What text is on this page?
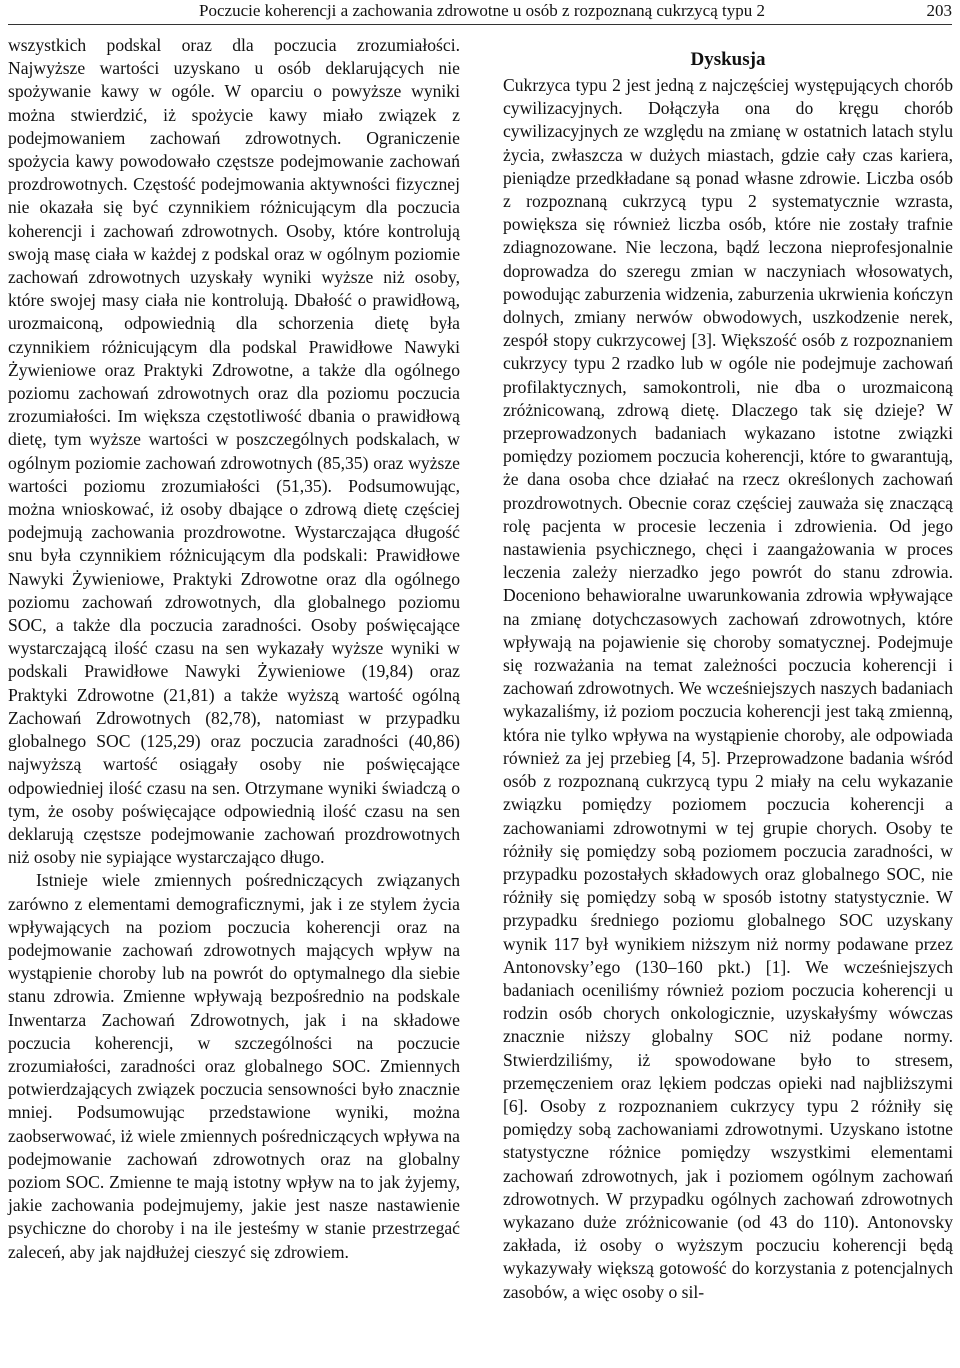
Poczucie koherencji a zachowania zdrowotne u osób z rozpoznaną cukrzycą typu 2	203

wszystkich podskal oraz dla poczucia zrozumiałości. Najwyższe wartości uzyskano u osób deklarujących nie spożywanie kawy w ogóle. W oparciu o powyższe wyniki można stwierdzić, iż spożycie kawy miało związek z podejmowaniem zachowań zdrowotnych. Ograniczenie spożycia kawy powodowało częstsze podejmowanie zachowań prozdrowotnych. Częstość podejmowania aktywności fizycznej nie okazała się być czynnikiem różnicującym dla poczucia koherencji i zachowań zdrowotnych. Osoby, które kontrolują swoją masę ciała w każdej z podskal oraz w ogólnym poziomie zachowań zdrowotnych uzyskały wyniki wyższe niż osoby, które swojej masy ciała nie kontrolują. Dbałość o prawidłową, urozmaiconą, odpowiednią dla schorzenia dietę była czynnikiem różnicującym dla podskal Prawidłowe Nawyki Żywieniowe oraz Praktyki Zdrowotne, a także dla ogólnego poziomu zachowań zdrowotnych oraz dla poziomu poczucia zrozumiałości. Im większa częstotliwość dbania o prawidłową dietę, tym wyższe wartości w poszczególnych podskalach, w ogólnym poziomie zachowań zdrowotnych (85,35) oraz wyższe wartości poziomu zrozumiałości (51,35). Podsumowując, można wnioskować, iż osoby dbające o zdrową dietę częściej podejmują zachowania prozdrowotne. Wystarczająca długość snu była czynnikiem różnicującym dla podskali: Prawidłowe Nawyki Żywieniowe, Praktyki Zdrowotne oraz dla ogólnego poziomu zachowań zdrowotnych, dla globalnego poziomu SOC, a także dla poczucia zaradności. Osoby poświęcające wystarczającą ilość czasu na sen wykazały wyższe wyniki w podskali Prawidłowe Nawyki Żywieniowe (19,84) oraz Praktyki Zdrowotne (21,81) a także wyższą wartość ogólną Zachowań Zdrowotnych (82,78), natomiast w przypadku globalnego SOC (125,29) oraz poczucia zaradności (40,86) najwyższą wartość osiągały osoby nie poświęcające odpowiedniej ilość czasu na sen. Otrzymane wyniki świadczą o tym, że osoby poświęcające odpowiednią ilość czasu na sen deklarują częstsze podejmowanie zachowań prozdrowotnych niż osoby nie sypiające wystarczająco długo.

Istnieje wiele zmiennych pośredniczących związanych zarówno z elementami demograficznymi, jak i ze stylem życia wpływających na poziom poczucia koherencji oraz na podejmowanie zachowań zdrowotnych mających wpływ na wystąpienie choroby lub na powrót do optymalnego dla siebie stanu zdrowia. Zmienne wpływają bezpośrednio na podskale Inwentarza Zachowań Zdrowotnych, jak i na składowe poczucia koherencji, w szczególności na poczucie zrozumiałości, zaradności oraz globalnego SOC. Zmiennych potwierdzających związek poczucia sensowności było znacznie mniej. Podsumowując przedstawione wyniki, można zaobserwować, iż wiele zmiennych pośredniczących wpływa na podejmowanie zachowań zdrowotnych oraz na globalny poziom SOC. Zmienne te mają istotny wpływ na to jak żyjemy, jakie zachowania podejmujemy, jakie jest nasze nastawienie psychiczne do choroby i na ile jesteśmy w stanie przestrzegać zaleceń, aby jak najdłużej cieszyć się zdrowiem.

Dyskusja

Cukrzyca typu 2 jest jedną z najczęściej występujących chorób cywilizacyjnych. Dołączyła ona do kręgu chorób cywilizacyjnych ze względu na zmianę w ostatnich latach stylu życia, zwłaszcza w dużych miastach, gdzie cały czas kariera, pieniądze przedkładane są ponad własne zdrowie. Liczba osób z rozpoznaną cukrzycą typu 2 systematycznie wzrasta, powiększa się również liczba osób, które nie zostały trafnie zdiagnozowane. Nie leczona, bądź leczona nieprofesjonalnie doprowadza do szeregu zmian w naczyniach włosowatych, powodując zaburzenia widzenia, zaburzenia ukrwienia kończyn dolnych, zmiany nerwów obwodowych, uszkodzenie nerek, zespół stopy cukrzycowej [3]. Większość osób z rozpoznaniem cukrzycy typu 2 rzadko lub w ogóle nie podejmuje zachowań profilaktycznych, samokontroli, nie dba o urozmaiconą zróżnicowaną, zdrową dietę. Dlaczego tak się dzieje? W przeprowadzonych badaniach wykazano istotne związki pomiędzy poziomem poczucia koherencji, które to gwarantują, że dana osoba chce działać na rzecz określonych zachowań prozdrowotnych. Obecnie coraz częściej zauważa się znaczącą rolę pacjenta w procesie leczenia i zdrowienia. Od jego nastawienia psychicznego, chęci i zaangażowania w proces leczenia zależy nierzadko jego powrót do stanu zdrowia. Doceniono behawioralne uwarunkowania zdrowia wpływające na zmianę dotychczasowych zachowań zdrowotnych, które wpływają na pojawienie się choroby somatycznej. Podejmuje się rozważania na temat zależności poczucia koherencji i zachowań zdrowotnych. We wcześniejszych naszych badaniach wykazaliśmy, iż poziom poczucia koherencji jest taką zmienną, która nie tylko wpływa na wystąpienie choroby, ale odpowiada również za jej przebieg [4, 5]. Przeprowadzone badania wśród osób z rozpoznaną cukrzycą typu 2 miały na celu wykazanie związku pomiędzy poziomem poczucia koherencji a zachowaniami zdrowotnymi w tej grupie chorych. Osoby te różniły się pomiędzy sobą poziomem poczucia zaradności, w przypadku pozostałych składowych oraz globalnego SOC, nie różniły się pomiędzy sobą w sposób istotny statystycznie. W przypadku średniego poziomu globalnego SOC uzyskany wynik 117 był wynikiem niższym niż normy podawane przez Antonovsky’ego (130–160 pkt.) [1]. We wcześniejszych badaniach oceniliśmy również poziom poczucia koherencji u rodzin osób chorych onkologicznie, uzyskałyśmy wówczas znacznie niższy globalny SOC niż podane normy. Stwierdziliśmy, iż spowodowane było to stresem, przemęczeniem oraz lękiem podczas opieki nad najbliższymi [6]. Osoby z rozpoznaniem cukrzycy typu 2 różniły się pomiędzy sobą zachowaniami zdrowotnymi. Uzyskano istotne statystyczne różnice pomiędzy wszystkimi elementami zachowań zdrowotnych, jak i poziomem ogólnym zachowań zdrowotnych. W przypadku ogólnych zachowań zdrowotnych wykazano duże zróżnicowanie (od 43 do 110). Antonovsky zakłada, iż osoby o wyższym poczuciu koherencji będą wykazywały większą gotowość do korzystania z potencjalnych zasobów, a więc osoby o sil-
